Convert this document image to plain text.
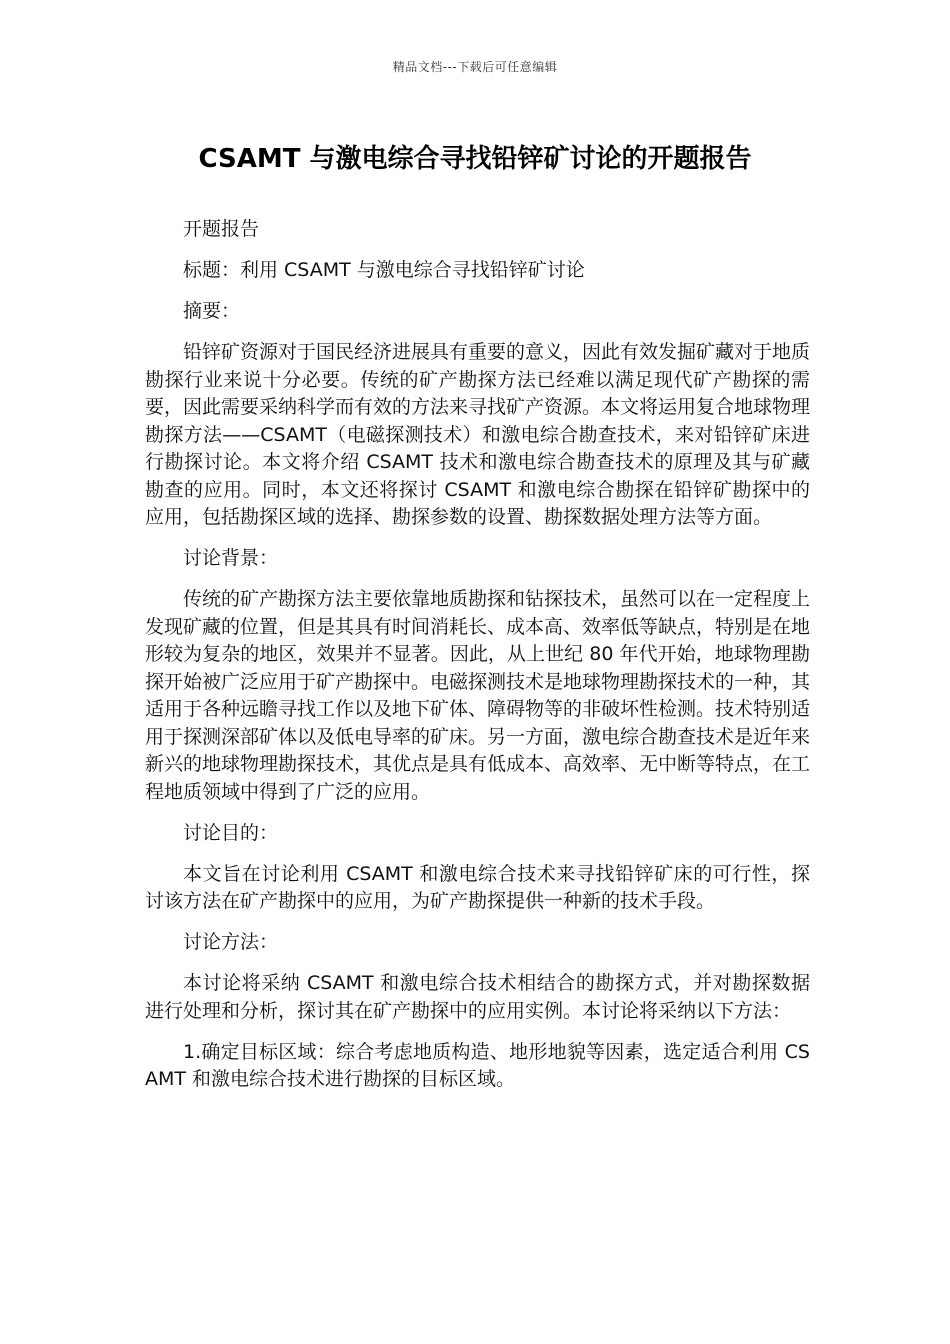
精品文档---下载后可任意编辑
CSAMT 与激电综合寻找铅锌矿讨论的开题报告

开题报告

标题：利用 CSAMT 与激电综合寻找铅锌矿讨论

摘要：

铅锌矿资源对于国民经济进展具有重要的意义，因此有效发掘矿藏对于地质勘探行业来说十分必要。传统的矿产勘探方法已经难以满足现代矿产勘探的需要，因此需要采纳科学而有效的方法来寻找矿产资源。本文将运用复合地球物理勘探方法——CSAMT（电磁探测技术）和激电综合勘查技术，来对铅锌矿床进行勘探讨论。本文将介绍 CSAMT 技术和激电综合勘查技术的原理及其与矿藏勘查的应用。同时，本文还将探讨 CSAMT 和激电综合勘探在铅锌矿勘探中的应用，包括勘探区域的选择、勘探参数的设置、勘探数据处理方法等方面。

讨论背景：

传统的矿产勘探方法主要依靠地质勘探和钻探技术，虽然可以在一定程度上发现矿藏的位置，但是其具有时间消耗长、成本高、效率低等缺点，特别是在地形较为复杂的地区，效果并不显著。因此，从上世纪 80 年代开始，地球物理勘探开始被广泛应用于矿产勘探中。电磁探测技术是地球物理勘探技术的一种，其适用于各种远瞻寻找工作以及地下矿体、障碍物等的非破坏性检测。技术特别适用于探测深部矿体以及低电导率的矿床。另一方面，激电综合勘查技术是近年来新兴的地球物理勘探技术，其优点是具有低成本、高效率、无中断等特点，在工程地质领域中得到了广泛的应用。

讨论目的：

本文旨在讨论利用 CSAMT 和激电综合技术来寻找铅锌矿床的可行性，探讨该方法在矿产勘探中的应用，为矿产勘探提供一种新的技术手段。

讨论方法：

本讨论将采纳 CSAMT 和激电综合技术相结合的勘探方式，并对勘探数据进行处理和分析，探讨其在矿产勘探中的应用实例。本讨论将采纳以下方法：

1.确定目标区域：综合考虑地质构造、地形地貌等因素，选定适合利用 CSAMT 和激电综合技术进行勘探的目标区域。
